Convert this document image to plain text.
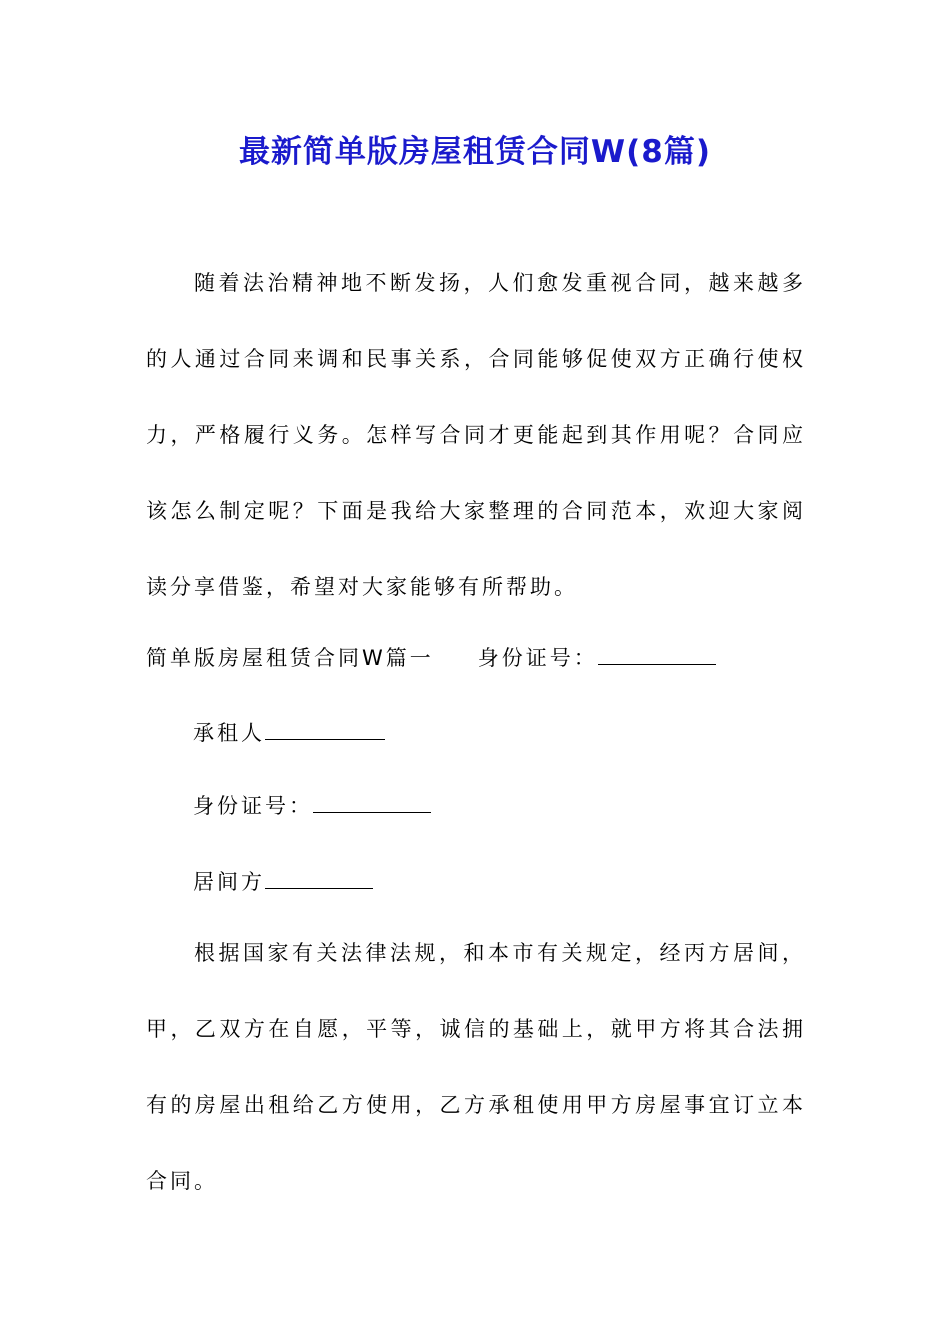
最新简单版房屋租赁合同W(8篇)
随着法治精神地不断发扬，人们愈发重视合同，越来越多的人通过合同来调和民事关系，合同能够促使双方正确行使权力，严格履行义务。怎样写合同才更能起到其作用呢？合同应该怎么制定呢？下面是我给大家整理的合同范本，欢迎大家阅读分享借鉴，希望对大家能够有所帮助。
简单版房屋租赁合同W篇一 身份证号：
承租人
身份证号：
居间方
根据国家有关法律法规，和本市有关规定，经丙方居间，甲，乙双方在自愿，平等，诚信的基础上，就甲方将其合法拥有的房屋出租给乙方使用，乙方承租使用甲方房屋事宜订立本合同。
